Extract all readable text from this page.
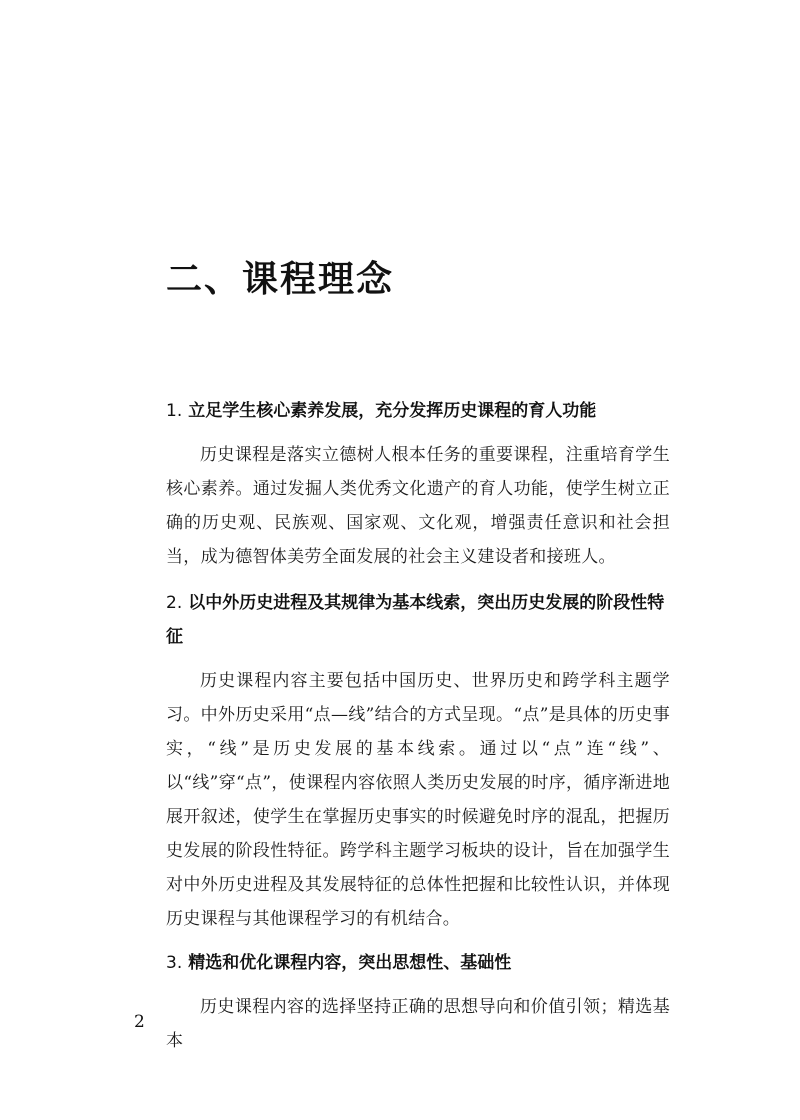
二、课程理念
1. 立足学生核心素养发展，充分发挥历史课程的育人功能

历史课程是落实立德树人根本任务的重要课程，注重培育学生核心素养。通过发掘人类优秀文化遗产的育人功能，使学生树立正确的历史观、民族观、国家观、文化观，增强责任意识和社会担当，成为德智体美劳全面发展的社会主义建设者和接班人。

2. 以中外历史进程及其规律为基本线索，突出历史发展的阶段性特征

历史课程内容主要包括中国历史、世界历史和跨学科主题学习。中外历史采用“点—线”结合的方式呈现。“点”是具体的历史事实，“线”是历史发展的基本线索。通过以“点”连“线”、以“线”穿“点”，使课程内容依照人类历史发展的时序，循序渐进地展开叙述，使学生在掌握历史事实的时候避免时序的混乱，把握历史发展的阶段性特征。跨学科主题学习板块的设计，旨在加强学生对中外历史进程及其发展特征的总体性把握和比较性认识，并体现历史课程与其他课程学习的有机结合。

3. 精选和优化课程内容，突出思想性、基础性

历史课程内容的选择坚持正确的思想导向和价值引领；精选基本

2
